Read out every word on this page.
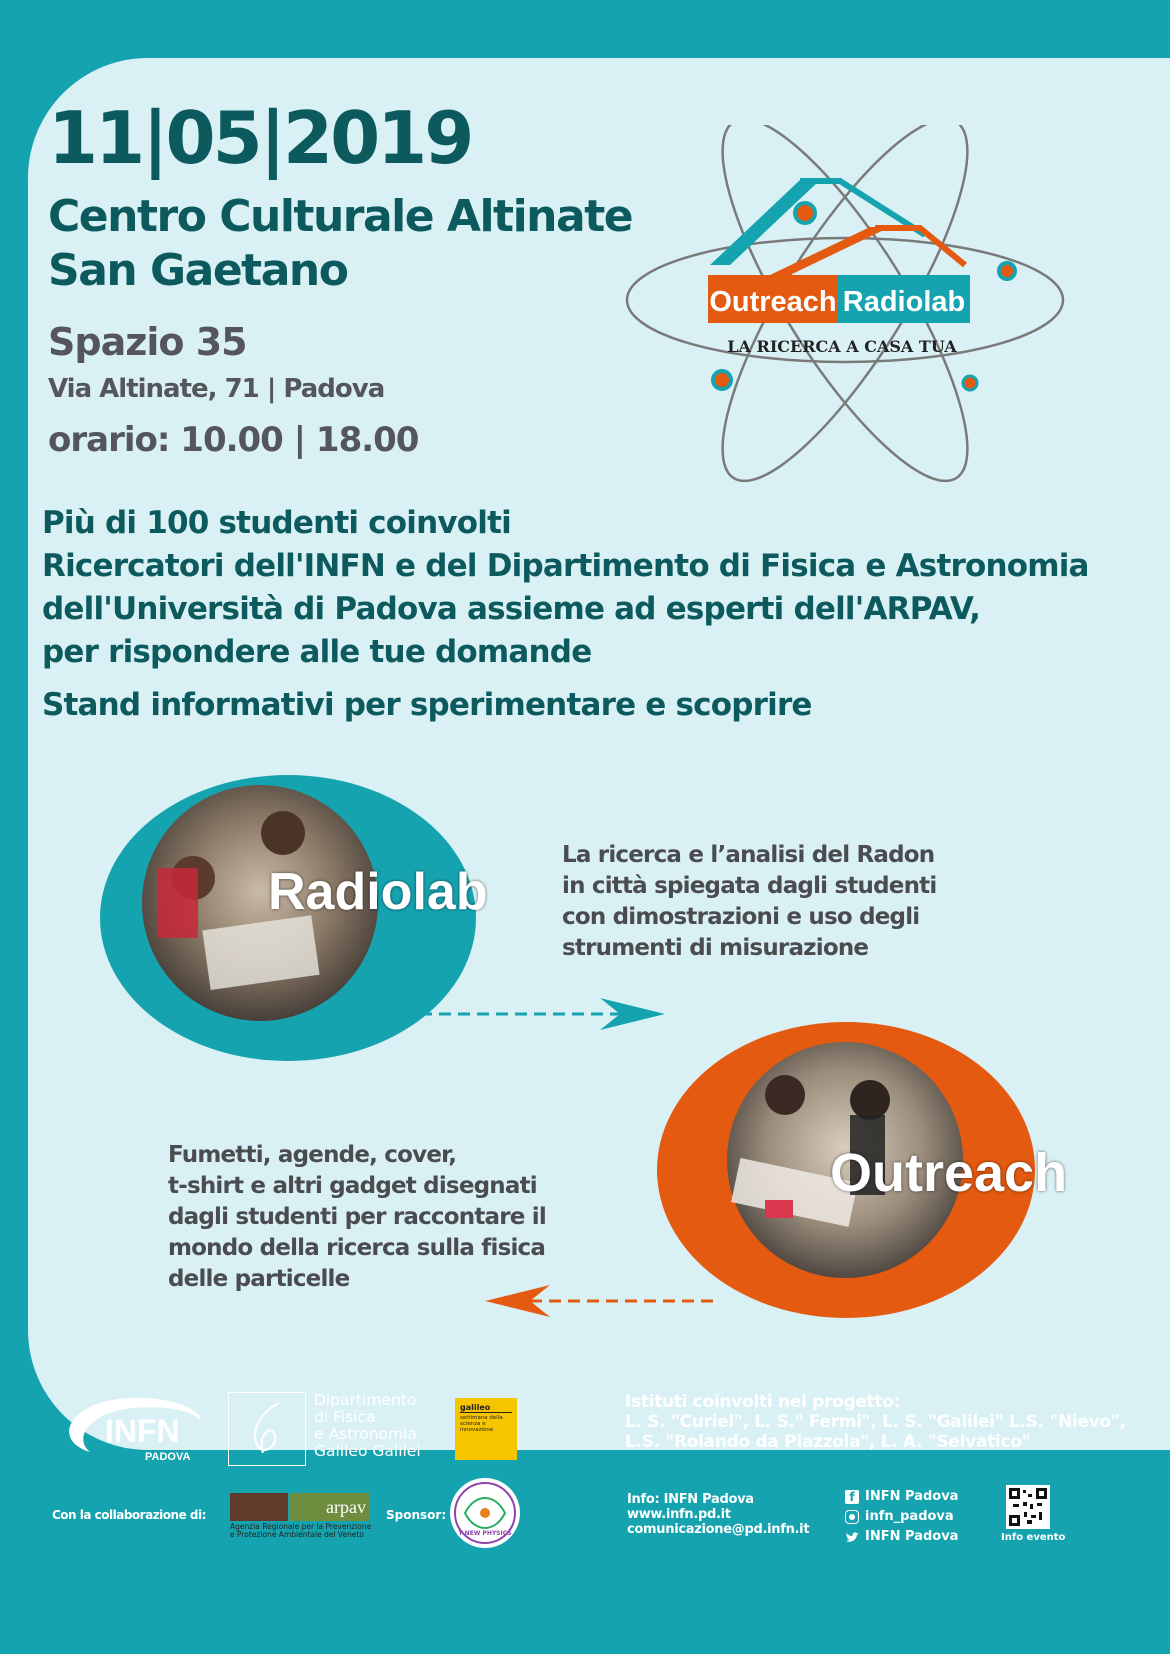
11|05|2019
Centro Culturale Altinate
San Gaetano
Spazio 35
Via Altinate, 71 | Padova
orario: 10.00 | 18.00
Outreach Radiolab
LA RICERCA A CASA TUA
Più di 100 studenti coinvolti
Ricercatori dell'INFN e del Dipartimento di Fisica e Astronomia
dell'Università di Padova assieme ad esperti dell'ARPAV,
per rispondere alle tue domande
Stand informativi per sperimentare e scoprire
Radiolab
La ricerca e l’analisi del Radon
in città spiegata dagli studenti
con dimostrazioni e uso degli
strumenti di misurazione
Outreach
Fumetti, agende, cover,
t-shirt e altri gadget disegnati
dagli studenti per raccontare il
mondo della ricerca sulla fisica
delle particelle
INFN
PADOVA
Dipartimento
di Fisica
e Astronomia
Galileo Galilei
galileo
settimana della scienza e innovazione
Istituti coinvolti nel progetto:
L. S. "Curiel", L. S." Fermi", L. S. "Galilei" L.S. "Nievo",
L.S. "Rolando da Piazzola", L. A. "Selvatico"
Con la collaborazione di:	arpav
Agenzia Regionale per la Prevenzione
e Protezione Ambientale del Veneto
Sponsor:
T NEW PHYSICS
Info: INFN Padova
www.infn.pd.it
comunicazione@pd.infn.it
f INFN Padova
infn_padova
INFN Padova	Info evento
